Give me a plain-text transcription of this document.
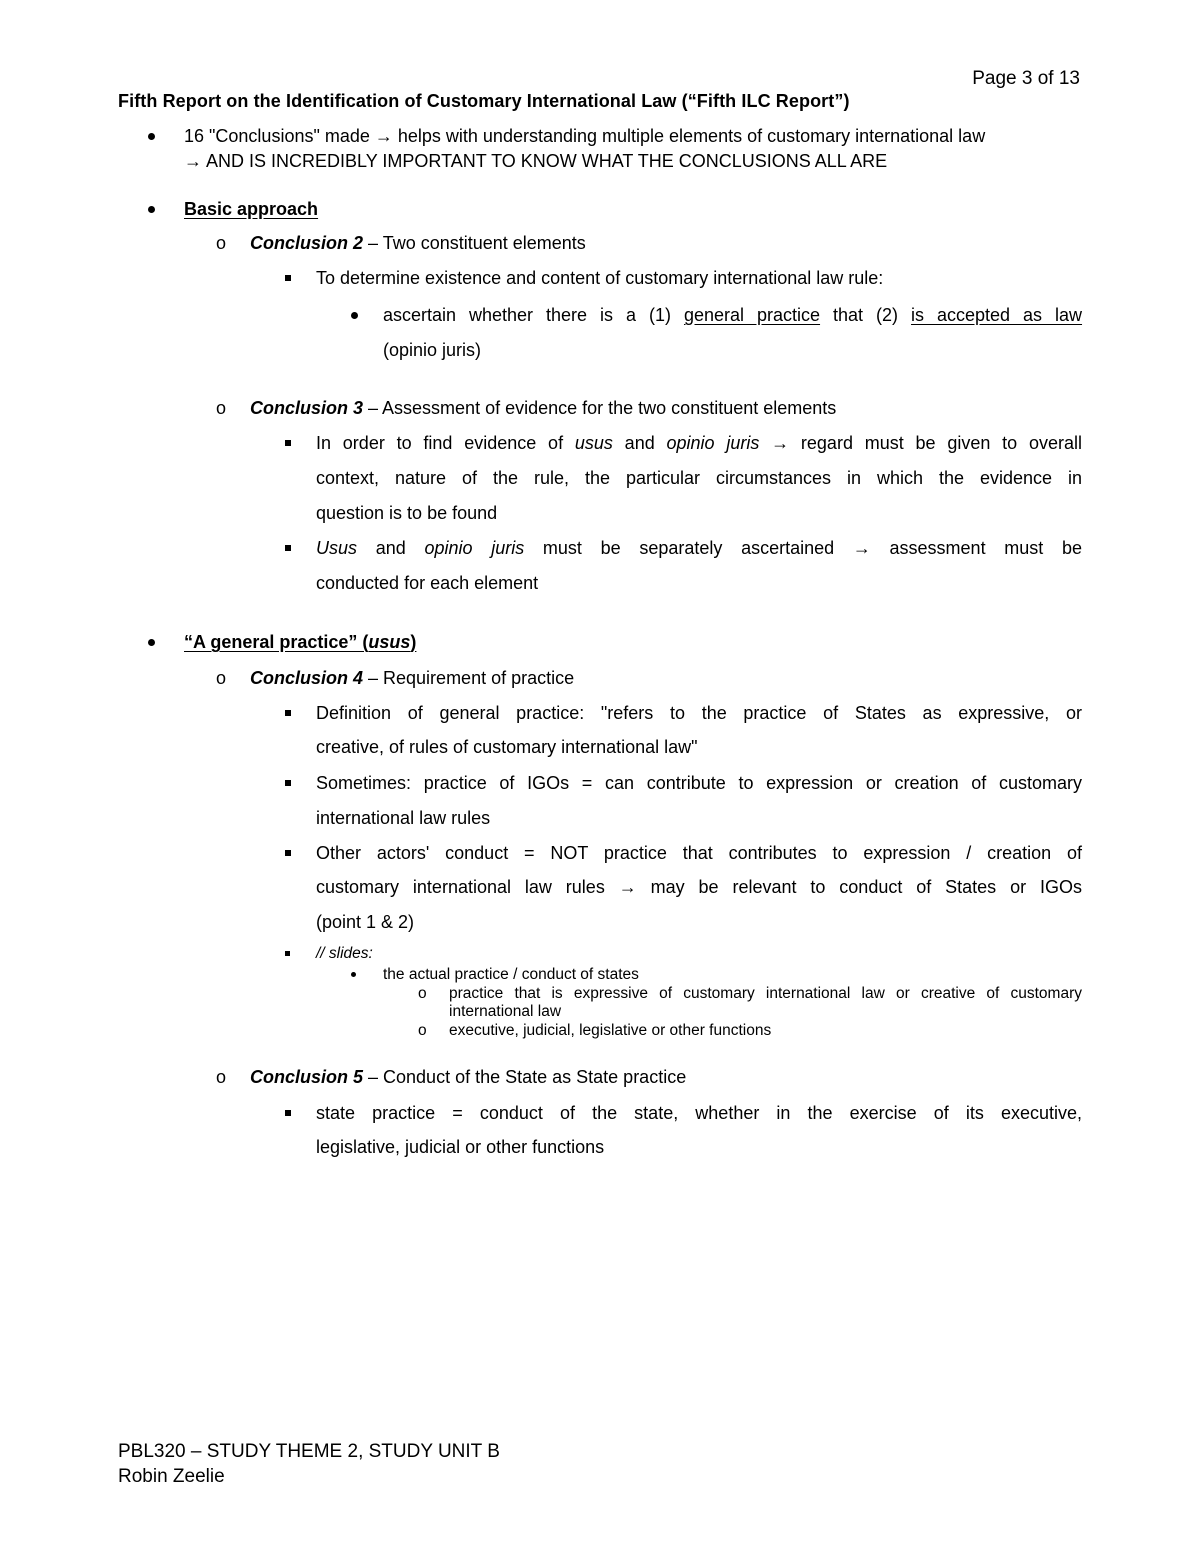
Page 3 of 13
Fifth Report on the Identification of Customary International Law (“Fifth ILC Report”)
16 "Conclusions" made → helps with understanding multiple elements of customary international law
→ AND IS INCREDIBLY IMPORTANT TO KNOW WHAT THE CONCLUSIONS ALL ARE
Basic approach
o Conclusion 2 – Two constituent elements
To determine existence and content of customary international law rule:
ascertain whether there is a (1) general practice that (2) is accepted as law
(opinio juris)
o Conclusion 3 – Assessment of evidence for the two constituent elements
In order to find evidence of usus and opinio juris → regard must be given to overall
context, nature of the rule, the particular circumstances in which the evidence in
question is to be found
Usus and opinio juris must be separately ascertained → assessment must be
conducted for each element
“A general practice” (usus)
o Conclusion 4 – Requirement of practice
Definition of general practice: "refers to the practice of States as expressive, or
creative, of rules of customary international law"
Sometimes: practice of IGOs = can contribute to expression or creation of customary
international law rules
Other actors' conduct = NOT practice that contributes to expression / creation of
customary international law rules → may be relevant to conduct of States or IGOs
(point 1 & 2)
// slides:
the actual practice / conduct of states
o practice that is expressive of customary international law or creative of customary
international law
o executive, judicial, legislative or other functions
o Conclusion 5 – Conduct of the State as State practice
state practice = conduct of the state, whether in the exercise of its executive,
legislative, judicial or other functions
PBL320 – STUDY THEME 2, STUDY UNIT B
Robin Zeelie
